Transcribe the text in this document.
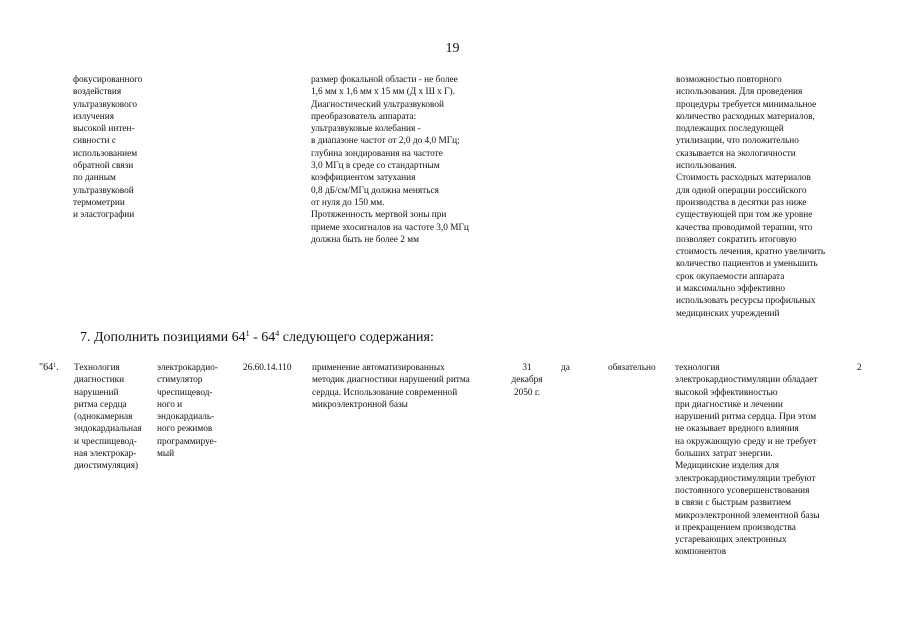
19
фокусированного
воздействия
ультразвукового
излучения
высокой интен-
сивности с
использованием
обратной связи
по данным
ультразвуковой
термометрии
и эластографии
размер фокальной области - не более
1,6 мм x 1,6 мм x 15 мм (Д x Ш x Г).
Диагностический ультразвуковой
преобразователь аппарата:
ультразвуковые колебания -
в диапазоне частот от 2,0 до 4,0 МГц;
глубина зондирования на частоте
3,0 МГц в среде со стандартным
коэффициентом затухания
0,8 дБ/см/МГц должна меняться
от нуля до 150 мм.
Протяженность мертвой зоны при
приеме эхосигналов на частоте 3,0 МГц
должна быть не более 2 мм
возможностью повторного
использования. Для проведения
процедуры требуется минимальное
количество расходных материалов,
подлежащих последующей
утилизации, что положительно
сказывается на экологичности
использования.
Стоимость расходных материалов
для одной операции российского
производства в десятки раз ниже
существующей при том же уровне
качества проводимой терапии, что
позволяет сократить итоговую
стоимость лечения, кратно увеличить
количество пациентов и уменьшить
срок окупаемости аппарата
и максимально эффективно
использовать ресурсы профильных
медицинских учреждений
7. Дополнить позициями $64^1 - 64^4$ следующего содержания:
"$64^1$. Технология
диагностики
нарушений
ритма сердца
(однокамерная
эндокардиальная
и чреспищевод-
ная электрокар-
диостимуляция)
электрокардио-
стимулятор
чреспищевод-
ного и
эндокардиаль-
ного режимов
программируе-
мый
26.60.14.110 применение автоматизированных
методик диагностики нарушений ритма
сердца. Использование современной
микроэлектронной базы
31
декабря
2050 г.
да	обязательно технология
электрокардиостимуляции обладает
высокой эффективностью
при диагностике и лечении
нарушений ритма сердца. При этом
не оказывает вредного влияния
на окружающую среду и не требует
больших затрат энергии.
Медицинские изделия для
электрокардиостимуляции требуют
постоянного усовершенствования
в связи с быстрым развитием
микроэлектронной элементной базы
и прекращением производства
устаревающих электронных
компонентов
2
